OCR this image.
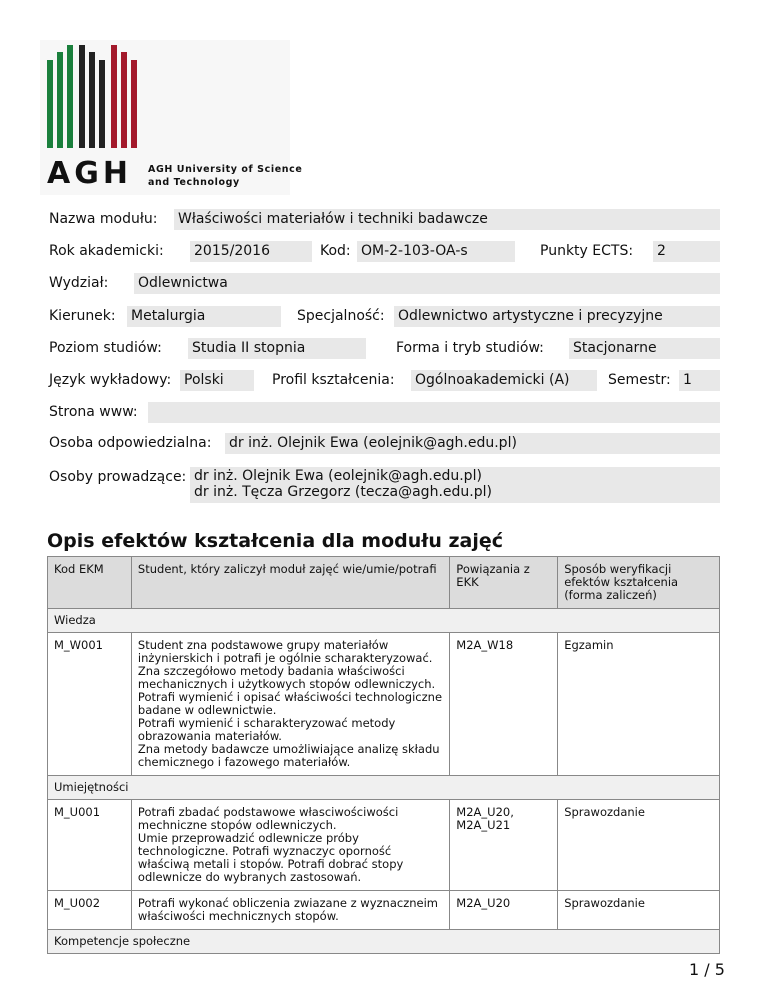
AGH AGH University of Science
and Technology
Nazwa modułu: Właściwości materiałów i techniki badawcze
Rok akademicki: 2015/2016	Kod: OM-2-103-OA-s	Punkty ECTS: 2
Wydział: Odlewnictwa
Kierunek: Metalurgia	Specjalność: Odlewnictwo artystyczne i precyzyjne
Poziom studiów: Studia II stopnia	Forma i tryb studiów: Stacjonarne
Język wykładowy: Polski	Profil kształcenia: Ogólnoakademicki (A)	Semestr: 1
Strona www:
Osoba odpowiedzialna: dr inż. Olejnik Ewa (eolejnik@agh.edu.pl)
Osoby prowadzące: dr inż. Olejnik Ewa (eolejnik@agh.edu.pl)
dr inż. Tęcza Grzegorz (tecza@agh.edu.pl)
Opis efektów kształcenia dla modułu zajęć
Kod EKM	Student, który zaliczył moduł zajęć wie/umie/potrafi	Powiązania z EKK	Sposób weryfikacji efektów kształcenia (forma zaliczeń)
Wiedza			
M_W001	Student zna podstawowe grupy materiałów inżynierskich i potrafi je ogólnie scharakteryzować.
Zna szczegółowo metody badania właściwości mechanicznych i użytkowych stopów odlewniczych.
Potrafi wymienić i opisać właściwości technologiczne badane w odlewnictwie.
Potrafi wymienić i scharakteryzować metody obrazowania materiałów.
Zna metody badawcze umożliwiające analizę składu chemicznego i fazowego materiałów.	M2A_W18	Egzamin
Umiejętności			
M_U001	Potrafi zbadać podstawowe własciwościwości mechniczne stopów odlewniczych.
Umie przeprowadzić odlewnicze próby technologiczne. Potrafi wyznaczyc oporność właściwą metali i stopów. Potrafi dobrać stopy odlewnicze do wybranych zastosowań.	M2A_U20, M2A_U21	Sprawozdanie
M_U002	Potrafi wykonać obliczenia zwiazane z wyznaczneim właściwości mechnicznych stopów.	M2A_U20	Sprawozdanie
Kompetencje społeczne			
1 / 5
